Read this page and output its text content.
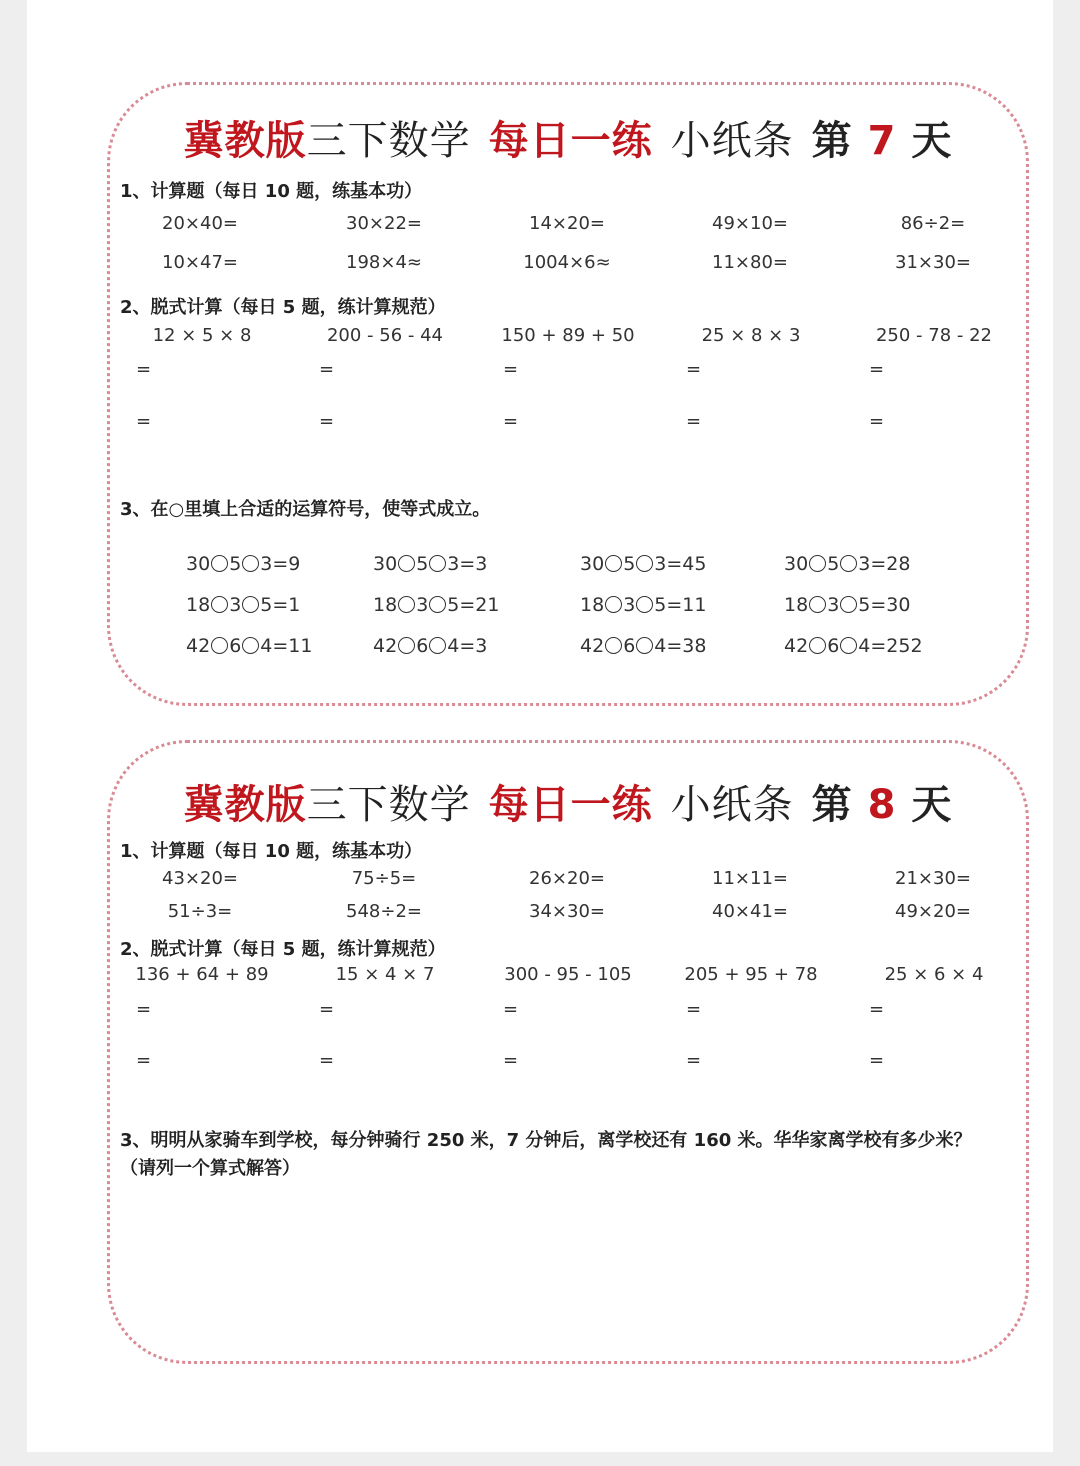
冀教版三下数学 每日一练 小纸条 第 7 天
1、计算题（每日 10 题，练基本功）
20×40=	30×22=	14×20=	49×10=	86÷2=
10×47=	198×4≈	1004×6≈	11×80=	31×30=
2、脱式计算（每日 5 题，练计算规范）
12 × 5 × 8	200 - 56 - 44	150 + 89 + 50	25 × 8 × 3	250 - 78 - 22
=	=	=	=	=
=	=	=	=	=
3、在○里填上合适的运算符号，使等式成立。
30 5 3=9	30 5 3=3	30 5 3=45	30 5 3=28
18 3 5=1	18 3 5=21	18 3 5=11	18 3 5=30
42 6 4=11	42 6 4=3	42 6 4=38	42 6 4=252
冀教版三下数学 每日一练 小纸条 第 8 天
1、计算题（每日 10 题，练基本功）
43×20=	75÷5=	26×20=	11×11=	21×30=
51÷3=	548÷2=	34×30=	40×41=	49×20=
2、脱式计算（每日 5 题，练计算规范）
136 + 64 + 89	15 × 4 × 7	300 - 95 - 105	205 + 95 + 78	25 × 6 × 4
=	=	=	=	=
=	=	=	=	=
3、明明从家骑车到学校，每分钟骑行 250 米，7 分钟后，离学校还有 160 米。华华家离学校有多少米？
（请列一个算式解答）
